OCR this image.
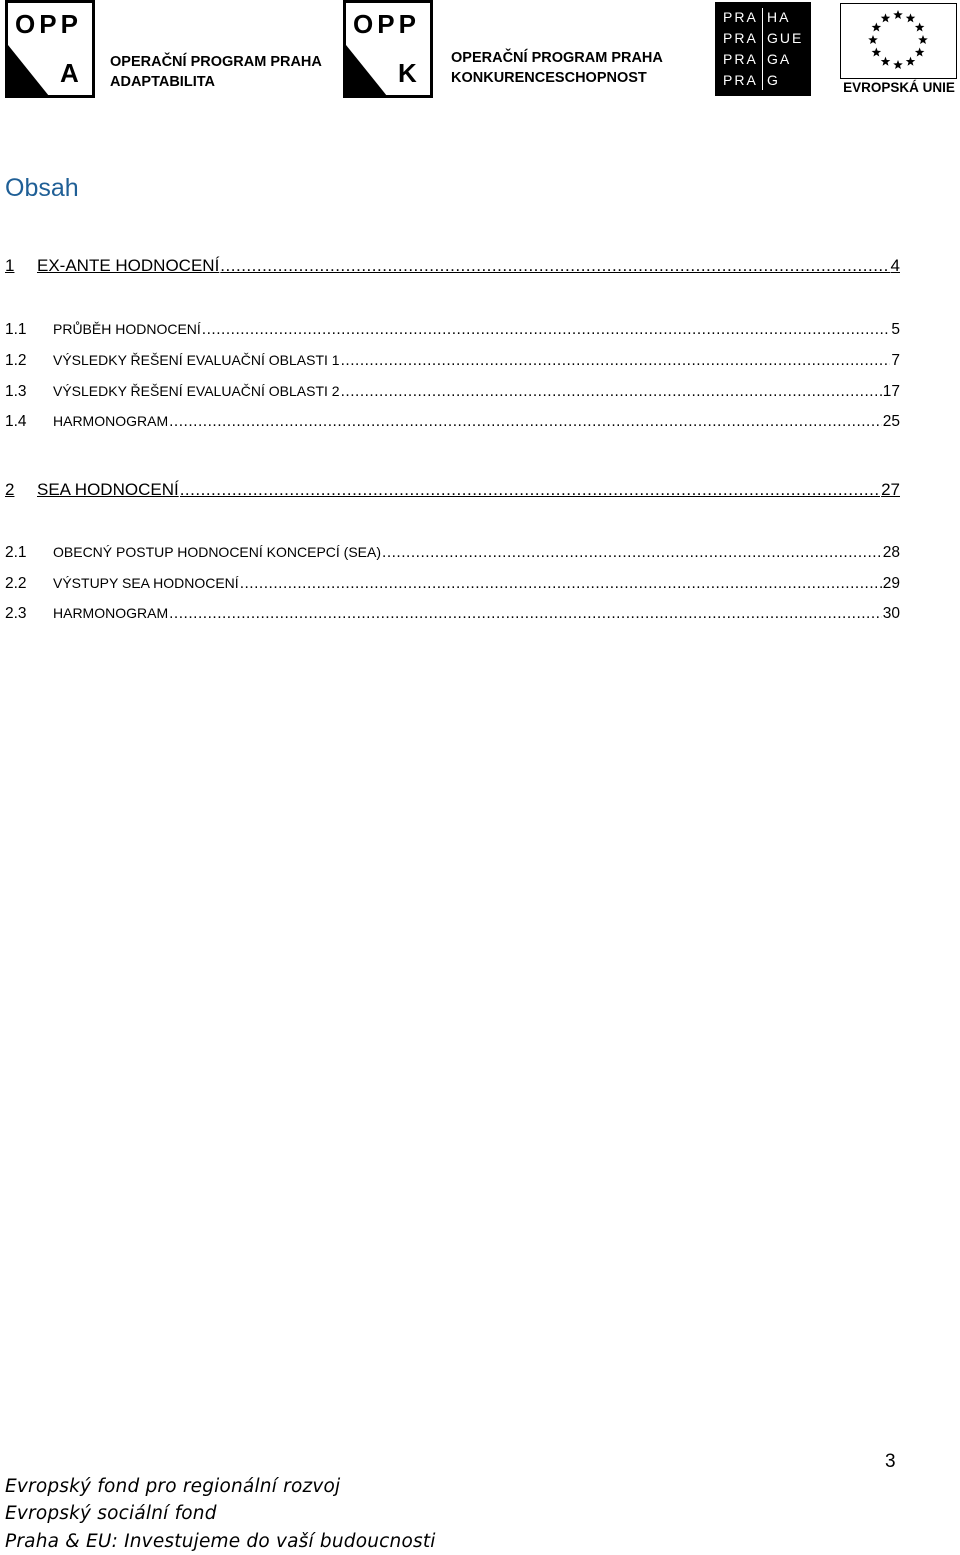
OPP
A OPERAČNÍ PROGRAM PRAHA
ADAPTABILITA
OPP
K OPERAČNÍ PROGRAM PRAHA
KONKURENCESCHOPNOST
PRA
PRA
PRA
PRA
HA
GUE
GA
G	EVROPSKÁ UNIE
Obsah
1	EX-ANTE HODNOCENÍ .....	4
1.1	PRŮBĚH HODNOCENÍ .....	5
1.2	VÝSLEDKY ŘEŠENÍ EVALUAČNÍ OBLASTI 1 .....	7
1.3	VÝSLEDKY ŘEŠENÍ EVALUAČNÍ OBLASTI 2 .....	17
1.4	HARMONOGRAM .....	25
2	SEA HODNOCENÍ .....	27
2.1	OBECNÝ POSTUP HODNOCENÍ KONCEPCÍ (SEA) .....	28
2.2	VÝSTUPY SEA HODNOCENÍ .....	29
2.3	HARMONOGRAM .....	30
3
Evropský fond pro regionální rozvoj
Evropský sociální fond
Praha & EU: Investujeme do vaší budoucnosti
